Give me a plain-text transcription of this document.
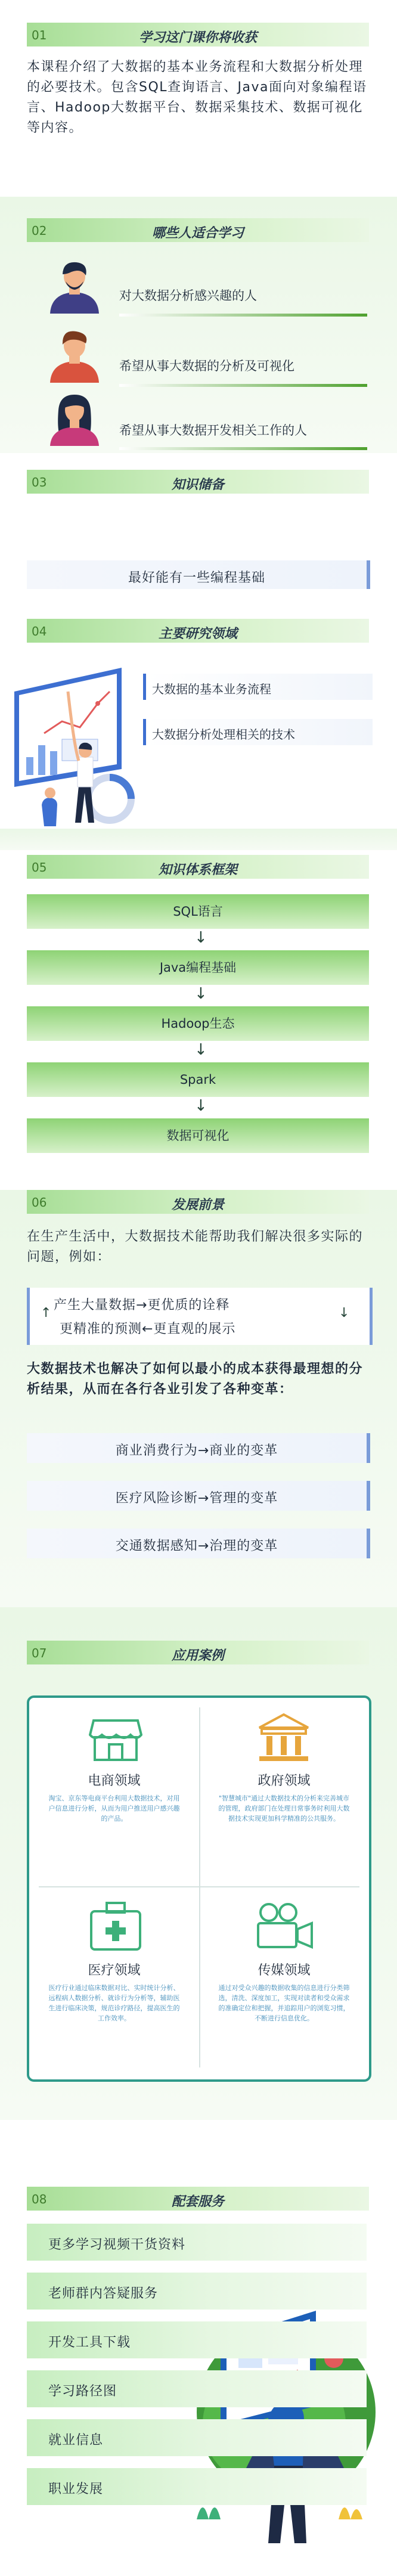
01	学习这门课你将收获
本课程介绍了大数据的基本业务流程和大数据分析处理的必要技术。包含SQL查询语言、Java面向对象编程语言、Hadoop大数据平台、数据采集技术、数据可视化等内容。
02	哪些人适合学习
对大数据分析感兴趣的人
希望从事大数据的分析及可视化
希望从事大数据开发相关工作的人
03	知识储备
最好能有一些编程基础
04	主要研究领域
大数据的基本业务流程
大数据分析处理相关的技术
05	知识体系框架
SQL语言
↓
Java编程基础
↓
Hadoop生态
↓
Spark
↓
数据可视化
06	发展前景
在生产生活中，大数据技术能帮助我们解决很多实际的问题，例如：
产生大量数据→更优质的诠释
↓
更精准的预测←更直观的展示
↑
大数据技术也解决了如何以最小的成本获得最理想的分析结果，从而在各行各业引发了各种变革：
商业消费行为→商业的变革
医疗风险诊断→管理的变革
交通数据感知→治理的变革
07	应用案例
电商领域
淘宝、京东等电商平台利用大数据技术，对用户信息进行分析，从而为用户推送用户感兴趣的产品。
政府领域
"智慧城市"通过大数据技术的分析来完善城市的管理，政府部门在处理日常事务时利用大数据技术实现更加科学精准的公共服务。
医疗领域
医疗行业通过临床数据对比、实时统计分析、远程病人数据分析、就诊行为分析等，辅助医生进行临床决策，规范诊疗路径，提高医生的工作效率。
传媒领域
通过对受众兴趣的数据收集的信息进行分类筛选，清洗、深度加工，实现对读者和受众需求的准确定位和把握，并追踪用户的浏览习惯，不断进行信息优化。
08	配套服务
更多学习视频干货资料
老师群内答疑服务
开发工具下载
学习路径图
就业信息
职业发展
